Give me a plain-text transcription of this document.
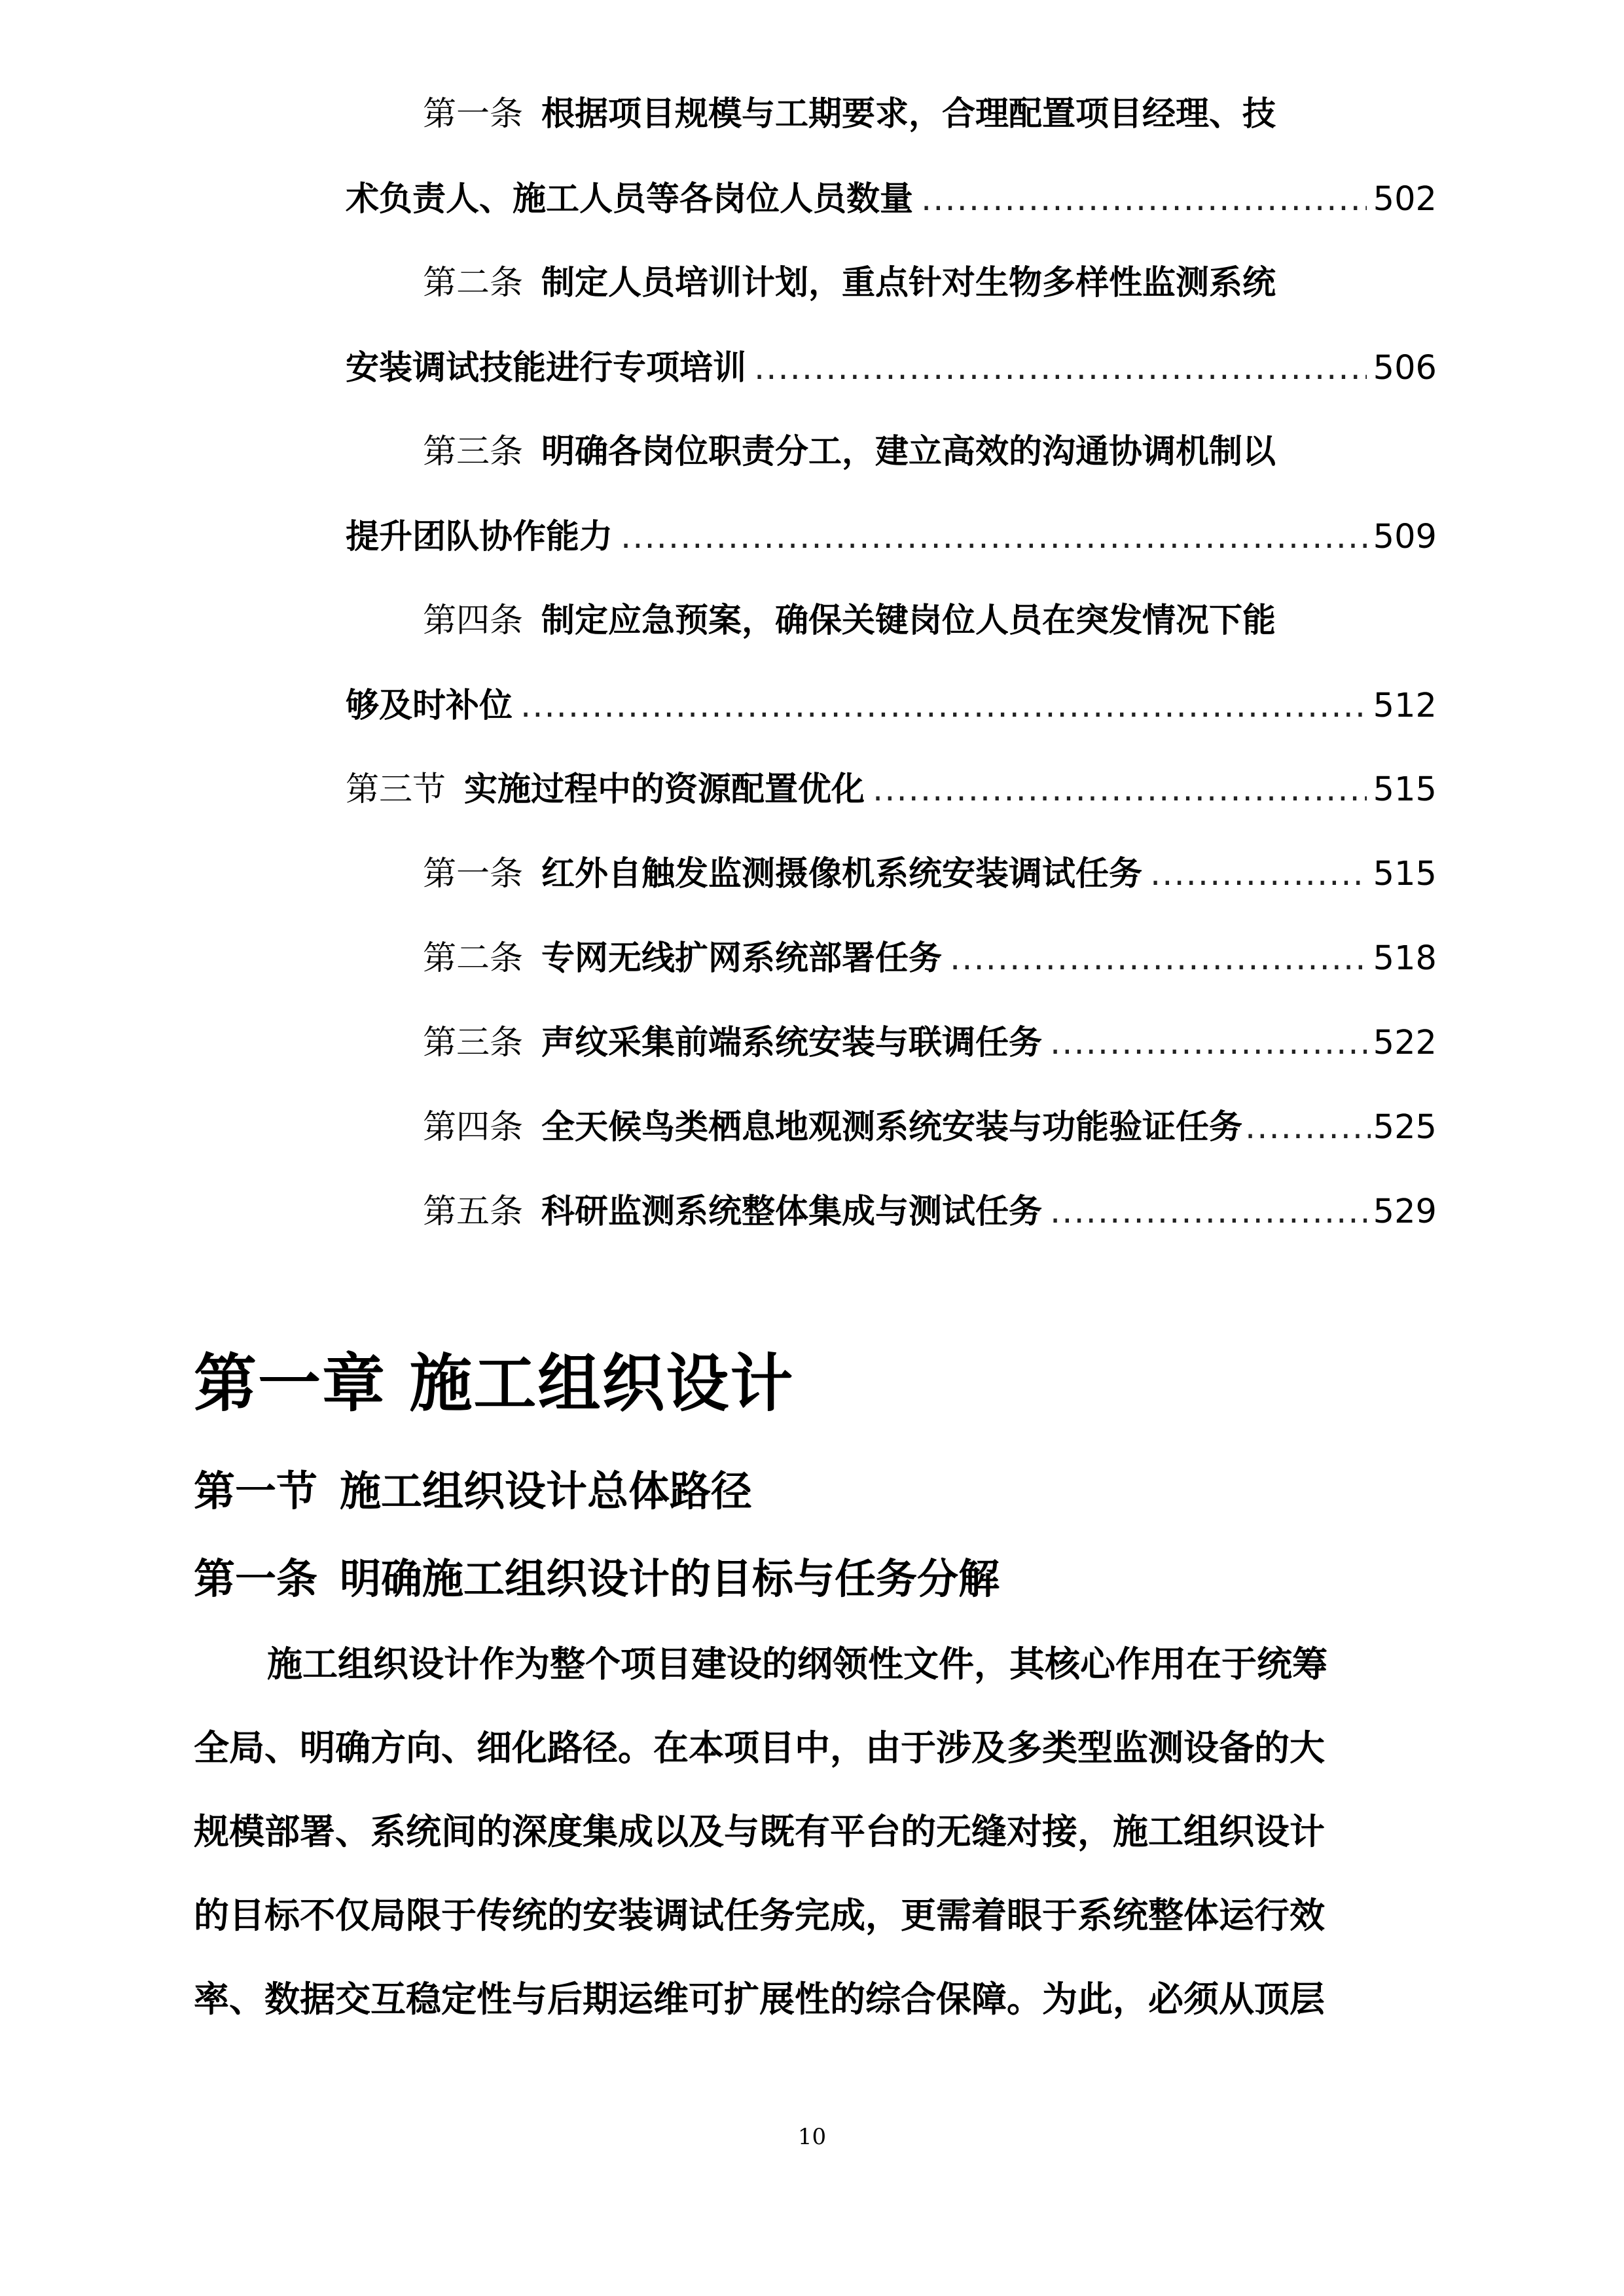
第一条 根据项目规模与工期要求，合理配置项目经理、技
术负责人、施工人员等各岗位人员数量 .....	502
第二条 制定人员培训计划，重点针对生物多样性监测系统
安装调试技能进行专项培训 .....	506
第三条 明确各岗位职责分工，建立高效的沟通协调机制以
提升团队协作能力 .....	509
第四条 制定应急预案，确保关键岗位人员在突发情况下能
够及时补位 .....	512
第三节 实施过程中的资源配置优化 .....	515
第一条 红外自触发监测摄像机系统安装调试任务 .....	515
第二条 专网无线扩网系统部署任务 .....	518
第三条 声纹采集前端系统安装与联调任务 .....	522
第四条 全天候鸟类栖息地观测系统安装与功能验证任务 .....	525
第五条 科研监测系统整体集成与测试任务 .....	529
第一章 施工组织设计
第一节 施工组织设计总体路径
第一条 明确施工组织设计的目标与任务分解
施工组织设计作为整个项目建设的纲领性文件，其核心作用在于统筹
全局、明确方向、细化路径。在本项目中，由于涉及多类型监测设备的大
规模部署、系统间的深度集成以及与既有平台的无缝对接，施工组织设计
的目标不仅局限于传统的安装调试任务完成，更需着眼于系统整体运行效
率、数据交互稳定性与后期运维可扩展性的综合保障。为此，必须从顶层
10
